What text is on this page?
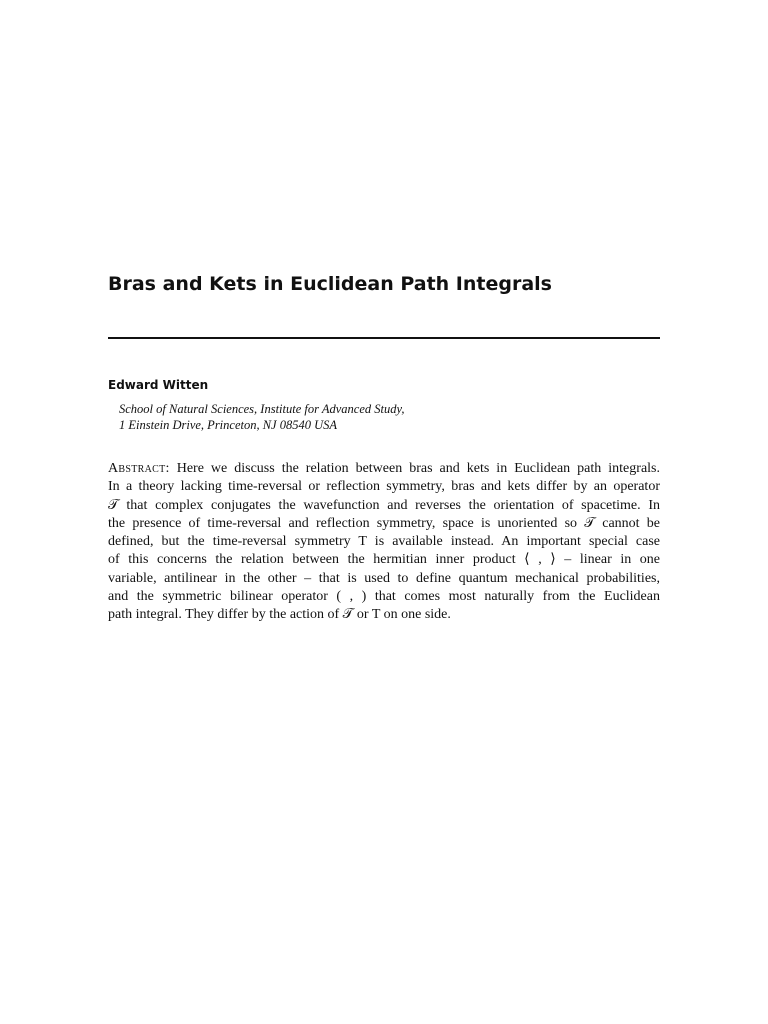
Bras and Kets in Euclidean Path Integrals
Edward Witten
School of Natural Sciences, Institute for Advanced Study,
1 Einstein Drive, Princeton, NJ 08540 USA
Abstract: Here we discuss the relation between bras and kets in Euclidean path integrals.
In a theory lacking time-reversal or reflection symmetry, bras and kets differ by an operator
𝒯 that complex conjugates the wavefunction and reverses the orientation of spacetime. In
the presence of time-reversal and reflection symmetry, space is unoriented so 𝒯 cannot be
defined, but the time-reversal symmetry T is available instead. An important special case
of this concerns the relation between the hermitian inner product ⟨ , ⟩ – linear in one
variable, antilinear in the other – that is used to define quantum mechanical probabilities,
and the symmetric bilinear operator ( , ) that comes most naturally from the Euclidean
path integral. They differ by the action of 𝒯 or T on one side.
